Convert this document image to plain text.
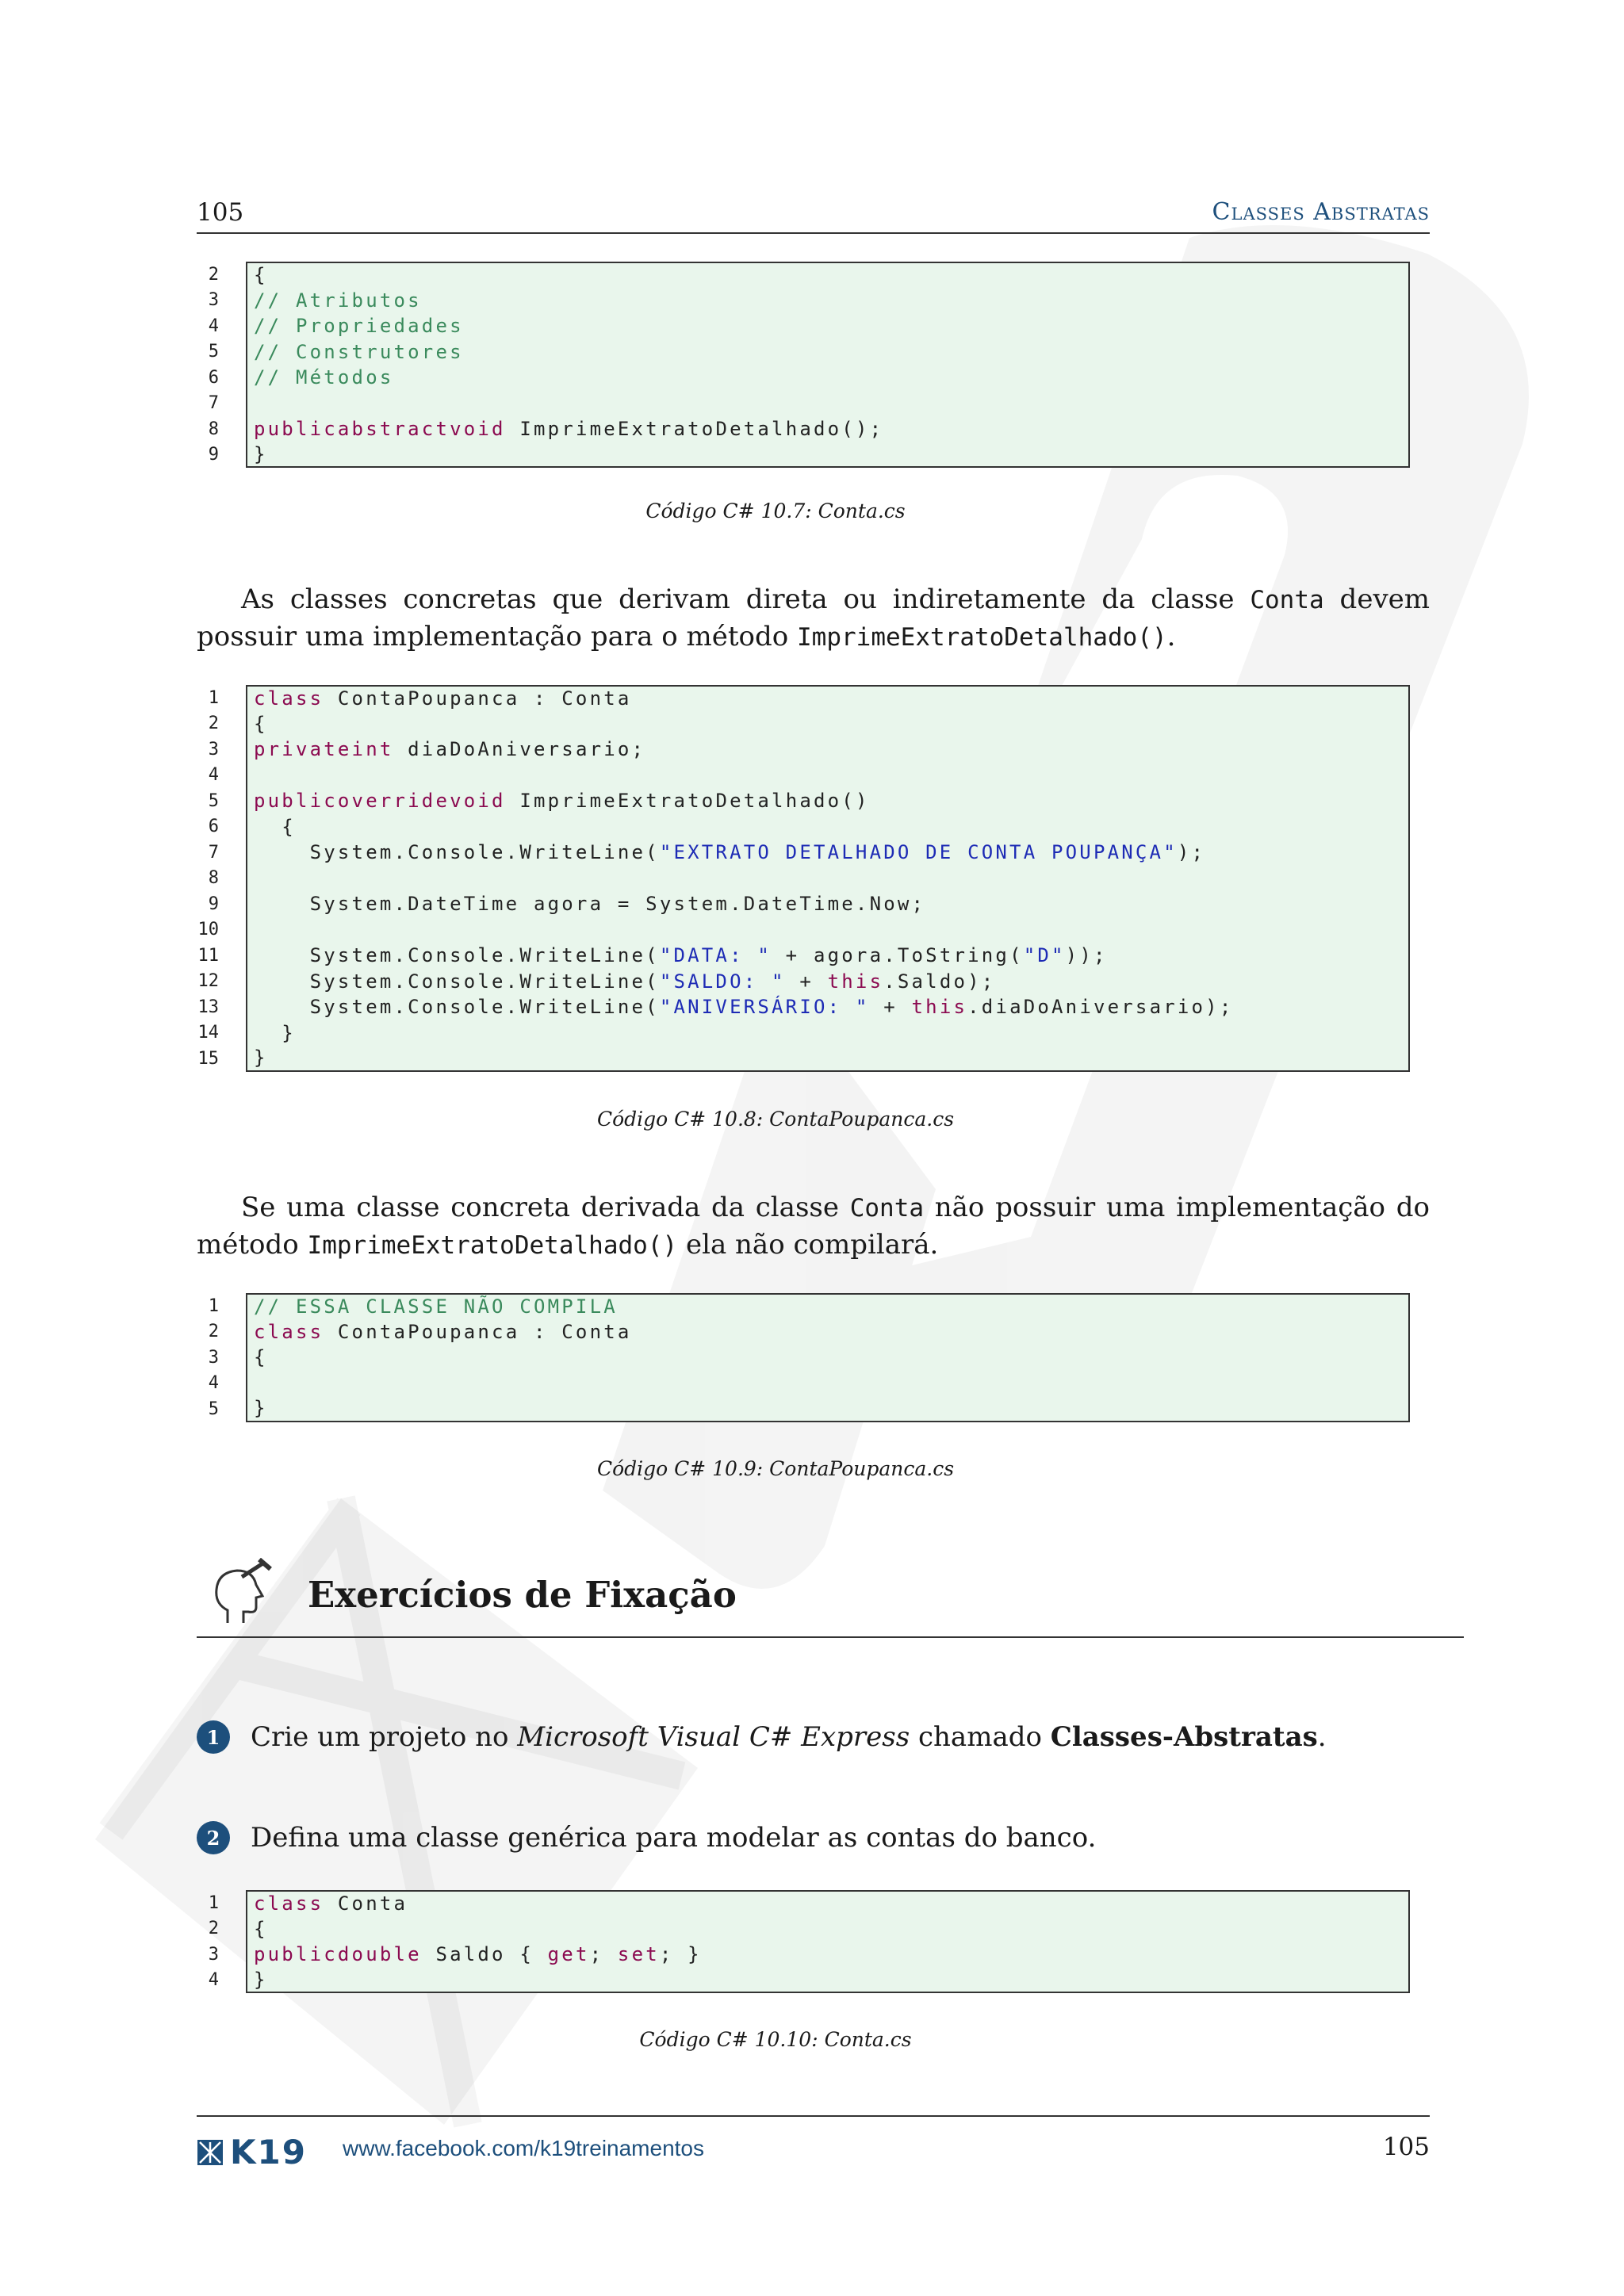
105	Classes Abstratas
2	{
3 // Atributos
4 // Propriedades
5 // Construtores
6 // Métodos
7
8 public abstract void ImprimeExtratoDetalhado();
9	}
Código C# 10.7: Conta.cs
As classes concretas que derivam direta ou indiretamente da classe Conta devem possuir uma implementação para o método ImprimeExtratoDetalhado().
1 class ContaPoupanca : Conta
2	{
3 private int diaDoAniversario;
4
5 public override void ImprimeExtratoDetalhado()
6	{
7	System.Console.WriteLine( "EXTRATO DETALHADO DE CONTA POUPANÇA" );
8
9	System.DateTime agora = System.DateTime.Now;
10
11	System.Console.WriteLine( "DATA: " + agora.ToString( "D" ));
12	System.Console.WriteLine( "SALDO: " + this .Saldo);
13	System.Console.WriteLine( "ANIVERSÁRIO: " + this .diaDoAniversario);
14	}
15	}
Código C# 10.8: ContaPoupanca.cs
Se uma classe concreta derivada da classe Conta não possuir uma implementação do método ImprimeExtratoDetalhado() ela não compilará.
1 // ESSA CLASSE NÃO COMPILA
2 class ContaPoupanca : Conta
3	{
4
5	}
Código C# 10.9: ContaPoupanca.cs
Exercícios de Fixação
1	Crie um projeto no Microsoft Visual C# Express chamado Classes-Abstratas.
2	Defina uma classe genérica para modelar as contas do banco.
1 class Conta
2	{
3 public double Saldo { get ; set ; }
4	}
Código C# 10.10: Conta.cs
K19 www.facebook.com/k19treinamentos	105
